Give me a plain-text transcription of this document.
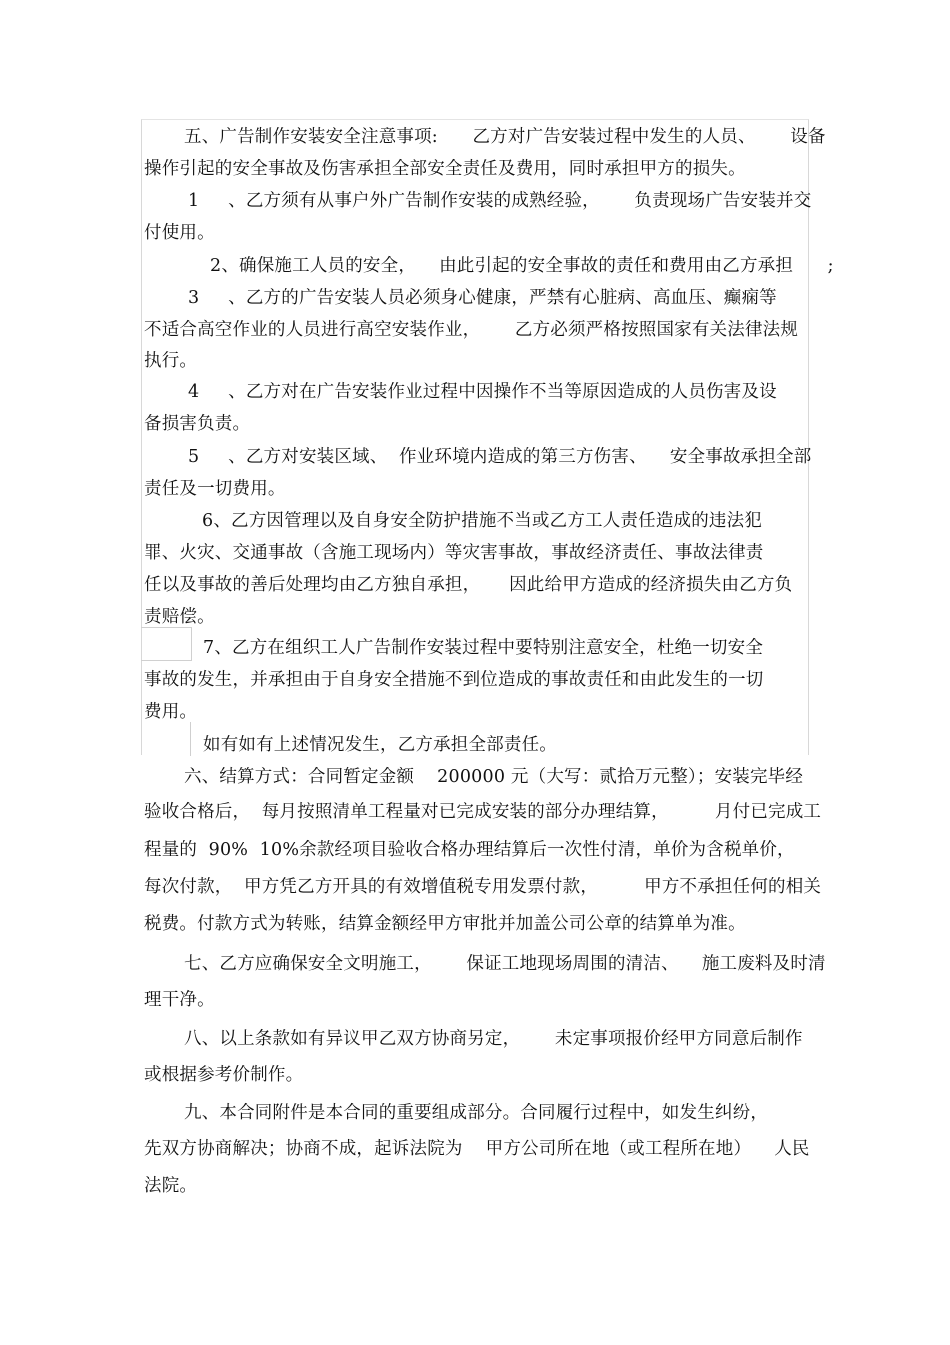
五、广告制作安装安全注意事项:      乙方对广告安装过程中发生的人员、      设备
操作引起的安全事故及伤害承担全部安全责任及费用，同时承担甲方的损失。
1     、乙方须有从事户外广告制作安装的成熟经验，      负责现场广告安装并交
付使用。
2、确保施工人员的安全，    由此引起的安全事故的责任和费用由乙方承担      ;
3     、乙方的广告安装人员必须身心健康，严禁有心脏病、高血压、癫痫等
不适合高空作业的人员进行高空安装作业，      乙方必须严格按照国家有关法律法规
执行。
4     、乙方对在广告安装作业过程中因操作不当等原因造成的人员伤害及设
备损害负责。
5     、乙方对安装区域、  作业环境内造成的第三方伤害、    安全事故承担全部
责任及一切费用。
6、乙方因管理以及自身安全防护措施不当或乙方工人责任造成的违法犯
罪、火灾、交通事故（含施工现场内）等灾害事故，事故经济责任、事故法律责
任以及事故的善后处理均由乙方独自承担，     因此给甲方造成的经济损失由乙方负
责赔偿。
7、乙方在组织工人广告制作安装过程中要特别注意安全，杜绝一切安全
事故的发生，并承担由于自身安全措施不到位造成的事故责任和由此发生的一切
费用。
如有如有上述情况发生，乙方承担全部责任。
六、结算方式：合同暂定金额    200000 元（大写：贰拾万元整）；安装完毕经
验收合格后，  每月按照清单工程量对已完成安装的部分办理结算，        月付已完成工
程量的  90%  10%余款经项目验收合格办理结算后一次性付清，单价为含税单价，
每次付款，  甲方凭乙方开具的有效增值税专用发票付款，        甲方不承担任何的相关
税费。付款方式为转账，结算金额经甲方审批并加盖公司公章的结算单为准。
七、乙方应确保安全文明施工，      保证工地现场周围的清洁、    施工废料及时清
理干净。
八、以上条款如有异议甲乙双方协商另定，      未定事项报价经甲方同意后制作
或根据参考价制作。
九、本合同附件是本合同的重要组成部分。合同履行过程中，如发生纠纷，
先双方协商解决；协商不成，起诉法院为    甲方公司所在地（或工程所在地）    人民
法院。
